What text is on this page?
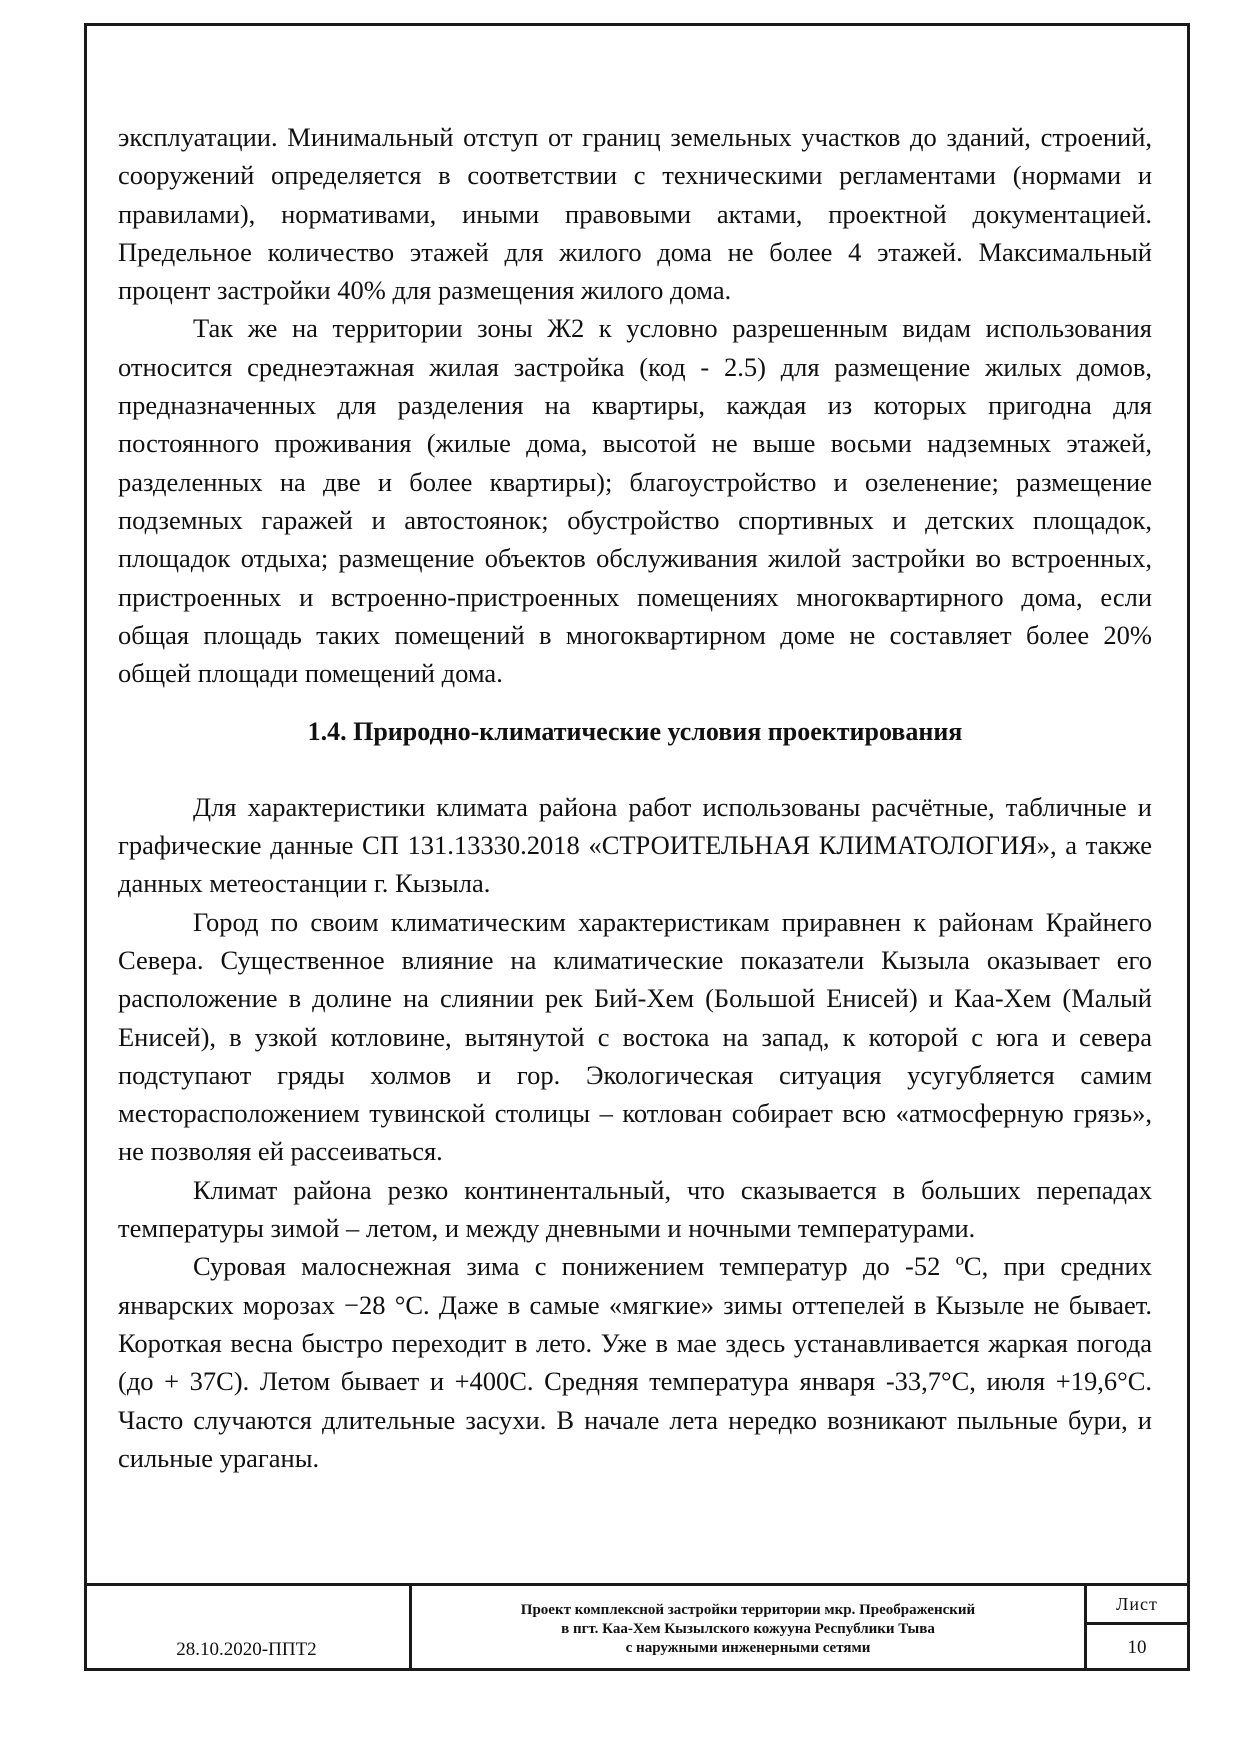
эксплуатации. Минимальный отступ от границ земельных участков до зданий, строений, сооружений определяется в соответствии с техническими регламентами (нормами и правилами), нормативами, иными правовыми актами, проектной документацией. Предельное количество этажей для жилого дома не более 4 этажей. Максимальный процент застройки 40% для размещения жилого дома.

Так же на территории зоны Ж2 к условно разрешенным видам использования относится среднеэтажная жилая застройка (код - 2.5) для размещение жилых домов, предназначенных для разделения на квартиры, каждая из которых пригодна для постоянного проживания (жилые дома, высотой не выше восьми надземных этажей, разделенных на две и более квартиры); благоустройство и озеленение; размещение подземных гаражей и автостоянок; обустройство спортивных и детских площадок, площадок отдыха; размещение объектов обслуживания жилой застройки во встроенных, пристроенных и встроенно-пристроенных помещениях многоквартирного дома, если общая площадь таких помещений в многоквартирном доме не составляет более 20% общей площади помещений дома.

1.4. Природно-климатические условия проектирования

Для характеристики климата района работ использованы расчётные, табличные и графические данные СП 131.13330.2018 «СТРОИТЕЛЬНАЯ КЛИМАТОЛОГИЯ», а также данных метеостанции г. Кызыла.

Город по своим климатическим характеристикам приравнен к районам Крайнего Севера. Существенное влияние на климатические показатели Кызыла оказывает его расположение в долине на слиянии рек Бий-Хем (Большой Енисей) и Каа-Хем (Малый Енисей), в узкой котловине, вытянутой с востока на запад, к которой с юга и севера подступают гряды холмов и гор. Экологическая ситуация усугубляется самим месторасположением тувинской столицы – котлован собирает всю «атмосферную грязь», не позволяя ей рассеиваться.

Климат района резко континентальный, что сказывается в больших перепадах температуры зимой – летом, и между дневными и ночными температурами.

Суровая малоснежная зима с понижением температур до -52 ºС, при средних январских морозах −28 °C. Даже в самые «мягкие» зимы оттепелей в Кызыле не бывает. Короткая весна быстро переходит в лето. Уже в мае здесь устанавливается жаркая погода (до + 37С). Летом бывает и +400С. Средняя температура января -33,7°С, июля +19,6°С. Часто случаются длительные засухи. В начале лета нередко возникают пыльные бури, и сильные ураганы.

28.10.2020-ППТ2
Проект комплексной застройки территории мкр. Преображенский
в пгт. Каа-Хем Кызылского кожууна Республики Тыва
с наружными инженерными сетями
Лист
10
